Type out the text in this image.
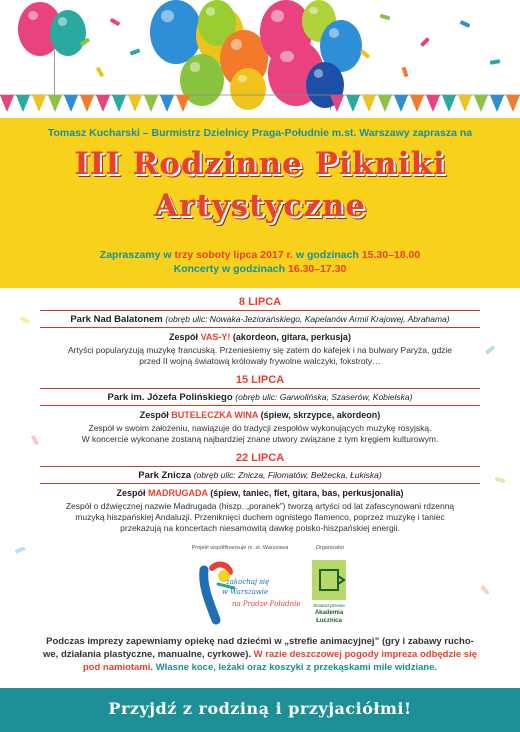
Tomasz Kucharski – Burmistrz Dzielnicy Praga-Południe m.st. Warszawy zaprasza na
III Rodzinne Pikniki
Artystyczne
Zapraszamy w trzy soboty lipca 2017 r. w godzinach 15.30–18.00
Koncerty w godzinach 16.30–17.30
8 LIPCA
Park Nad Balatonem (obręb ulic: Nowaka-Jeziorańskiego, Kapelanów Armii Krajowej, Abrahama)
Zespół VAS-Y! (akordeon, gitara, perkusja)
Artyści popularyzują muzykę francuską. Przeniesiemy się zatem do kafejek i na bulwary Paryża, gdzie
przed II wojną światową królowały frywolne walczyki, fokstroty…
15 LIPCA
Park im. Józefa Polińskiego (obręb ulic: Garwolińska, Szaserów, Kobielska)
Zespół BUTELECZKA WINA (śpiew, skrzypce, akordeon)
Zespół w swoim założeniu, nawiązuje do tradycji zespołów wykonujących muzykę rosyjską.
W koncercie wykonane zostaną najbardziej znane utwory związane z tym kręgiem kulturowym.
22 LIPCA
Park Znicza (obręb ulic: Znicza, Filomatów, Bełżecka, Łukiska)
Zespół MADRUGADA (śpiew, taniec, flet, gitara, bas, perkusjonalia)
Zespół o dźwięcznej nazwie Madrugada (hiszp. „poranek”) tworzą artyści od lat zafascynowani rdzenną
muzyką hiszpańskiej Andaluzji. Przeniknięci duchem ognistego flamenco, poprzez muzykę i taniec
przekazują na koncertach niesamowitą dawkę polsko-hiszpańskiej energii.
Projekt współfinansuje m. st. Warszawa
zakochaj się
w Warszawie
na Pradze Południe
Organizator
Stowarzyszenie
Akademia
Łucznica
Podczas imprezy zapewniamy opiekę nad dziećmi w „strefie animacyjnej” (gry i zabawy rucho-
we, działania plastyczne, manualne, cyrkowe). W razie deszczowej pogody impreza odbędzie się
pod namiotami. Własne koce, leżaki oraz koszyki z przekąskami mile widziane.
Przyjdź z rodziną i przyjaciółmi!
